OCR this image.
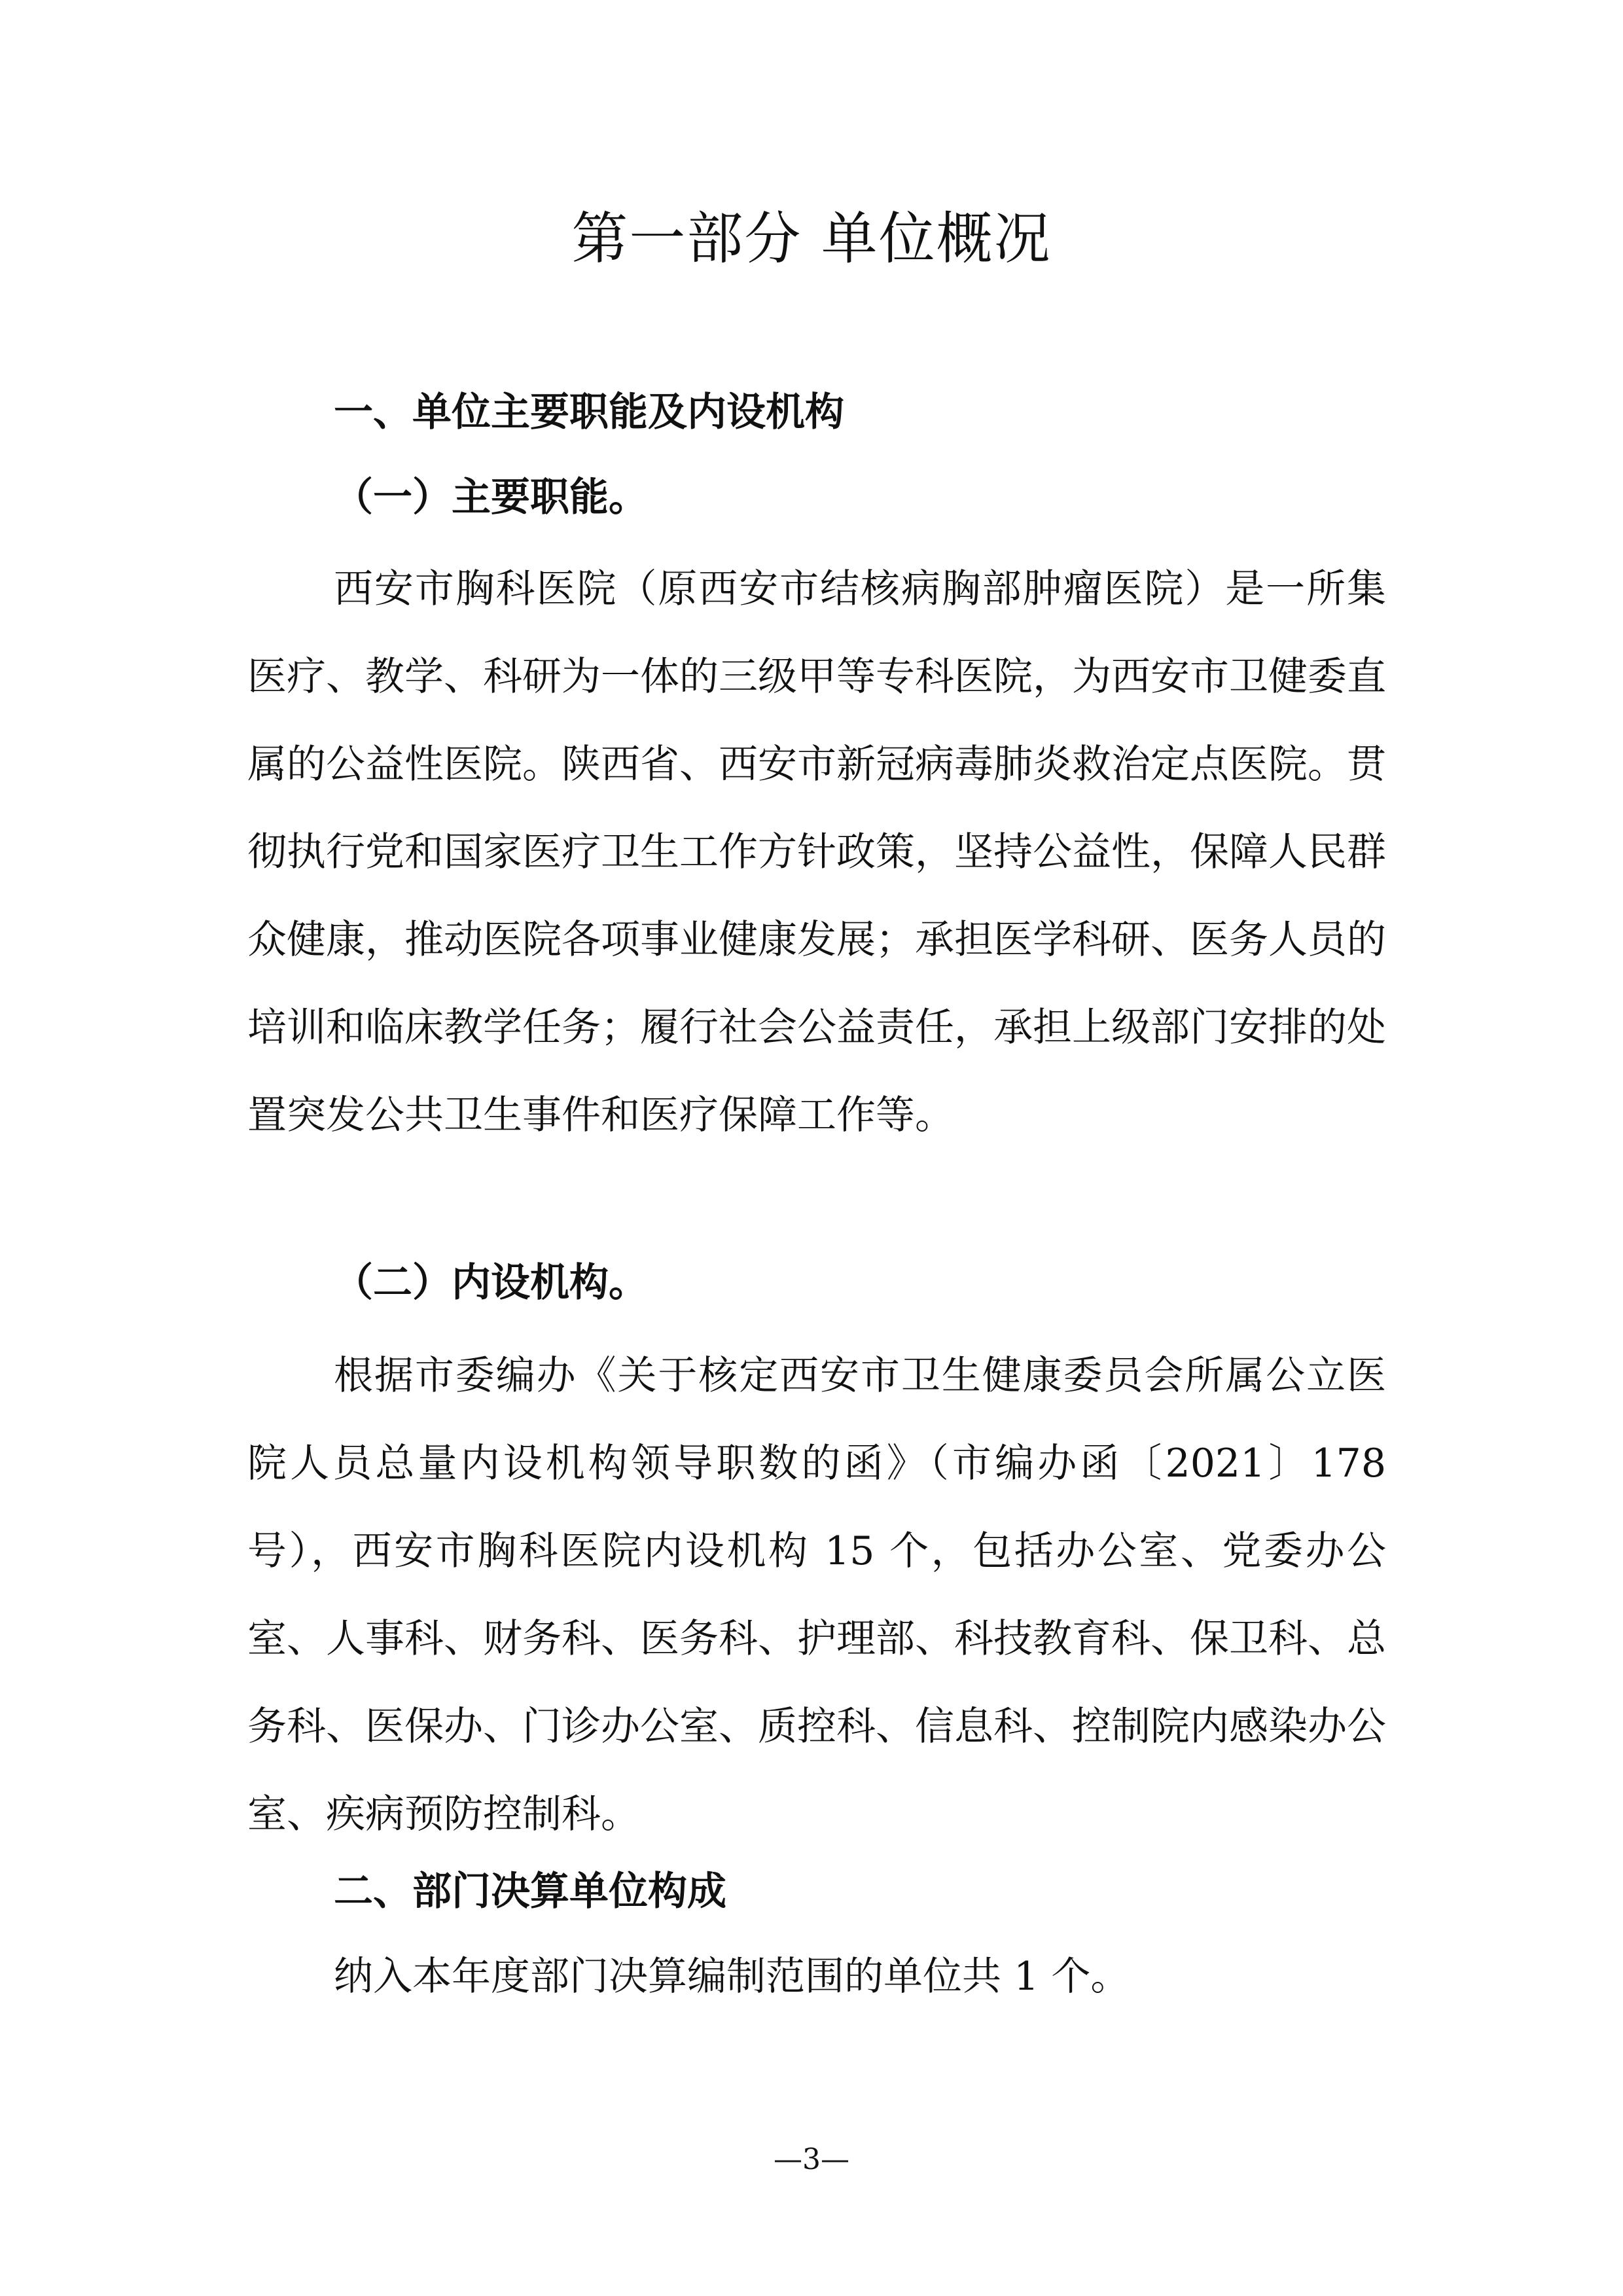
第一部分 单位概况
一、单位主要职能及内设机构
（一）主要职能。

西安市胸科医院（原西安市结核病胸部肿瘤医院）是一所集医疗、教学、科研为一体的三级甲等专科医院，为西安市卫健委直属的公益性医院。陕西省、西安市新冠病毒肺炎救治定点医院。贯彻执行党和国家医疗卫生工作方针政策，坚持公益性，保障人民群众健康，推动医院各项事业健康发展；承担医学科研、医务人员的培训和临床教学任务；履行社会公益责任，承担上级部门安排的处置突发公共卫生事件和医疗保障工作等。

（二）内设机构。

根据市委编办《关于核定西安市卫生健康委员会所属公立医院人员总量内设机构领导职数的函》（市编办函〔2021〕178 号），西安市胸科医院内设机构 15 个，包括办公室、党委办公室、人事科、财务科、医务科、护理部、科技教育科、保卫科、总务科、医保办、门诊办公室、质控科、信息科、控制院内感染办公室、疾病预防控制科。

二、部门决算单位构成
纳入本年度部门决算编制范围的单位共 1 个。
—3—
